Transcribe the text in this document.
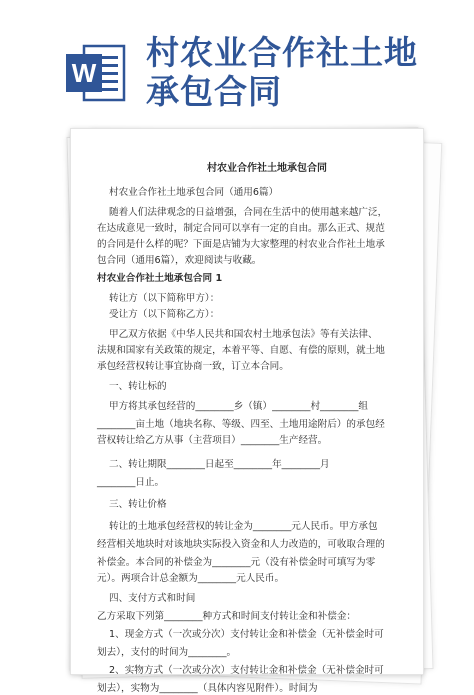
W
村农业合作社土地
承包合同
村农业合作社土地承包合同
村农业合作社土地承包合同（通用6篇）
随着人们法律观念的日益增强，合同在生活中的使用越来越广泛，
在达成意见一致时，制定合同可以享有一定的自由。那么正式、规范
的合同是什么样的呢？下面是店铺为大家整理的村农业合作社土地承
包合同（通用6篇），欢迎阅读与收藏。
村农业合作社土地承包合同 1
转让方（以下简称甲方）：
受让方（以下简称乙方）：
甲乙双方依据《中华人民共和国农村土地承包法》等有关法律、
法规和国家有关政策的规定，本着平等、自愿、有偿的原则，就土地
承包经营权转让事宜协商一致，订立本合同。
一、转让标的
甲方将其承包经营的________乡（镇）________村________组
________亩土地（地块名称、等级、四至、土地用途附后）的承包经
营权转让给乙方从事（主营项目）________生产经营。
二、转让期限________日起至________年________月
________日止。
三、转让价格
转让的土地承包经营权的转让金为________元人民币。甲方承包
经营相关地块时对该地块实际投入资金和人力改造的，可收取合理的
补偿金。本合同的补偿金为________元（没有补偿金时可填写为零
元）。两项合计总金额为________元人民币。
四、支付方式和时间
乙方采取下列第________种方式和时间支付转让金和补偿金：
1、现金方式（一次或分次）支付转让金和补偿金（无补偿金时可
划去），支付的时间为________。
2、实物方式（一次或分次）支付转让金和补偿金（无补偿金时可
划去），实物为________（具体内容见附件）。时间为
